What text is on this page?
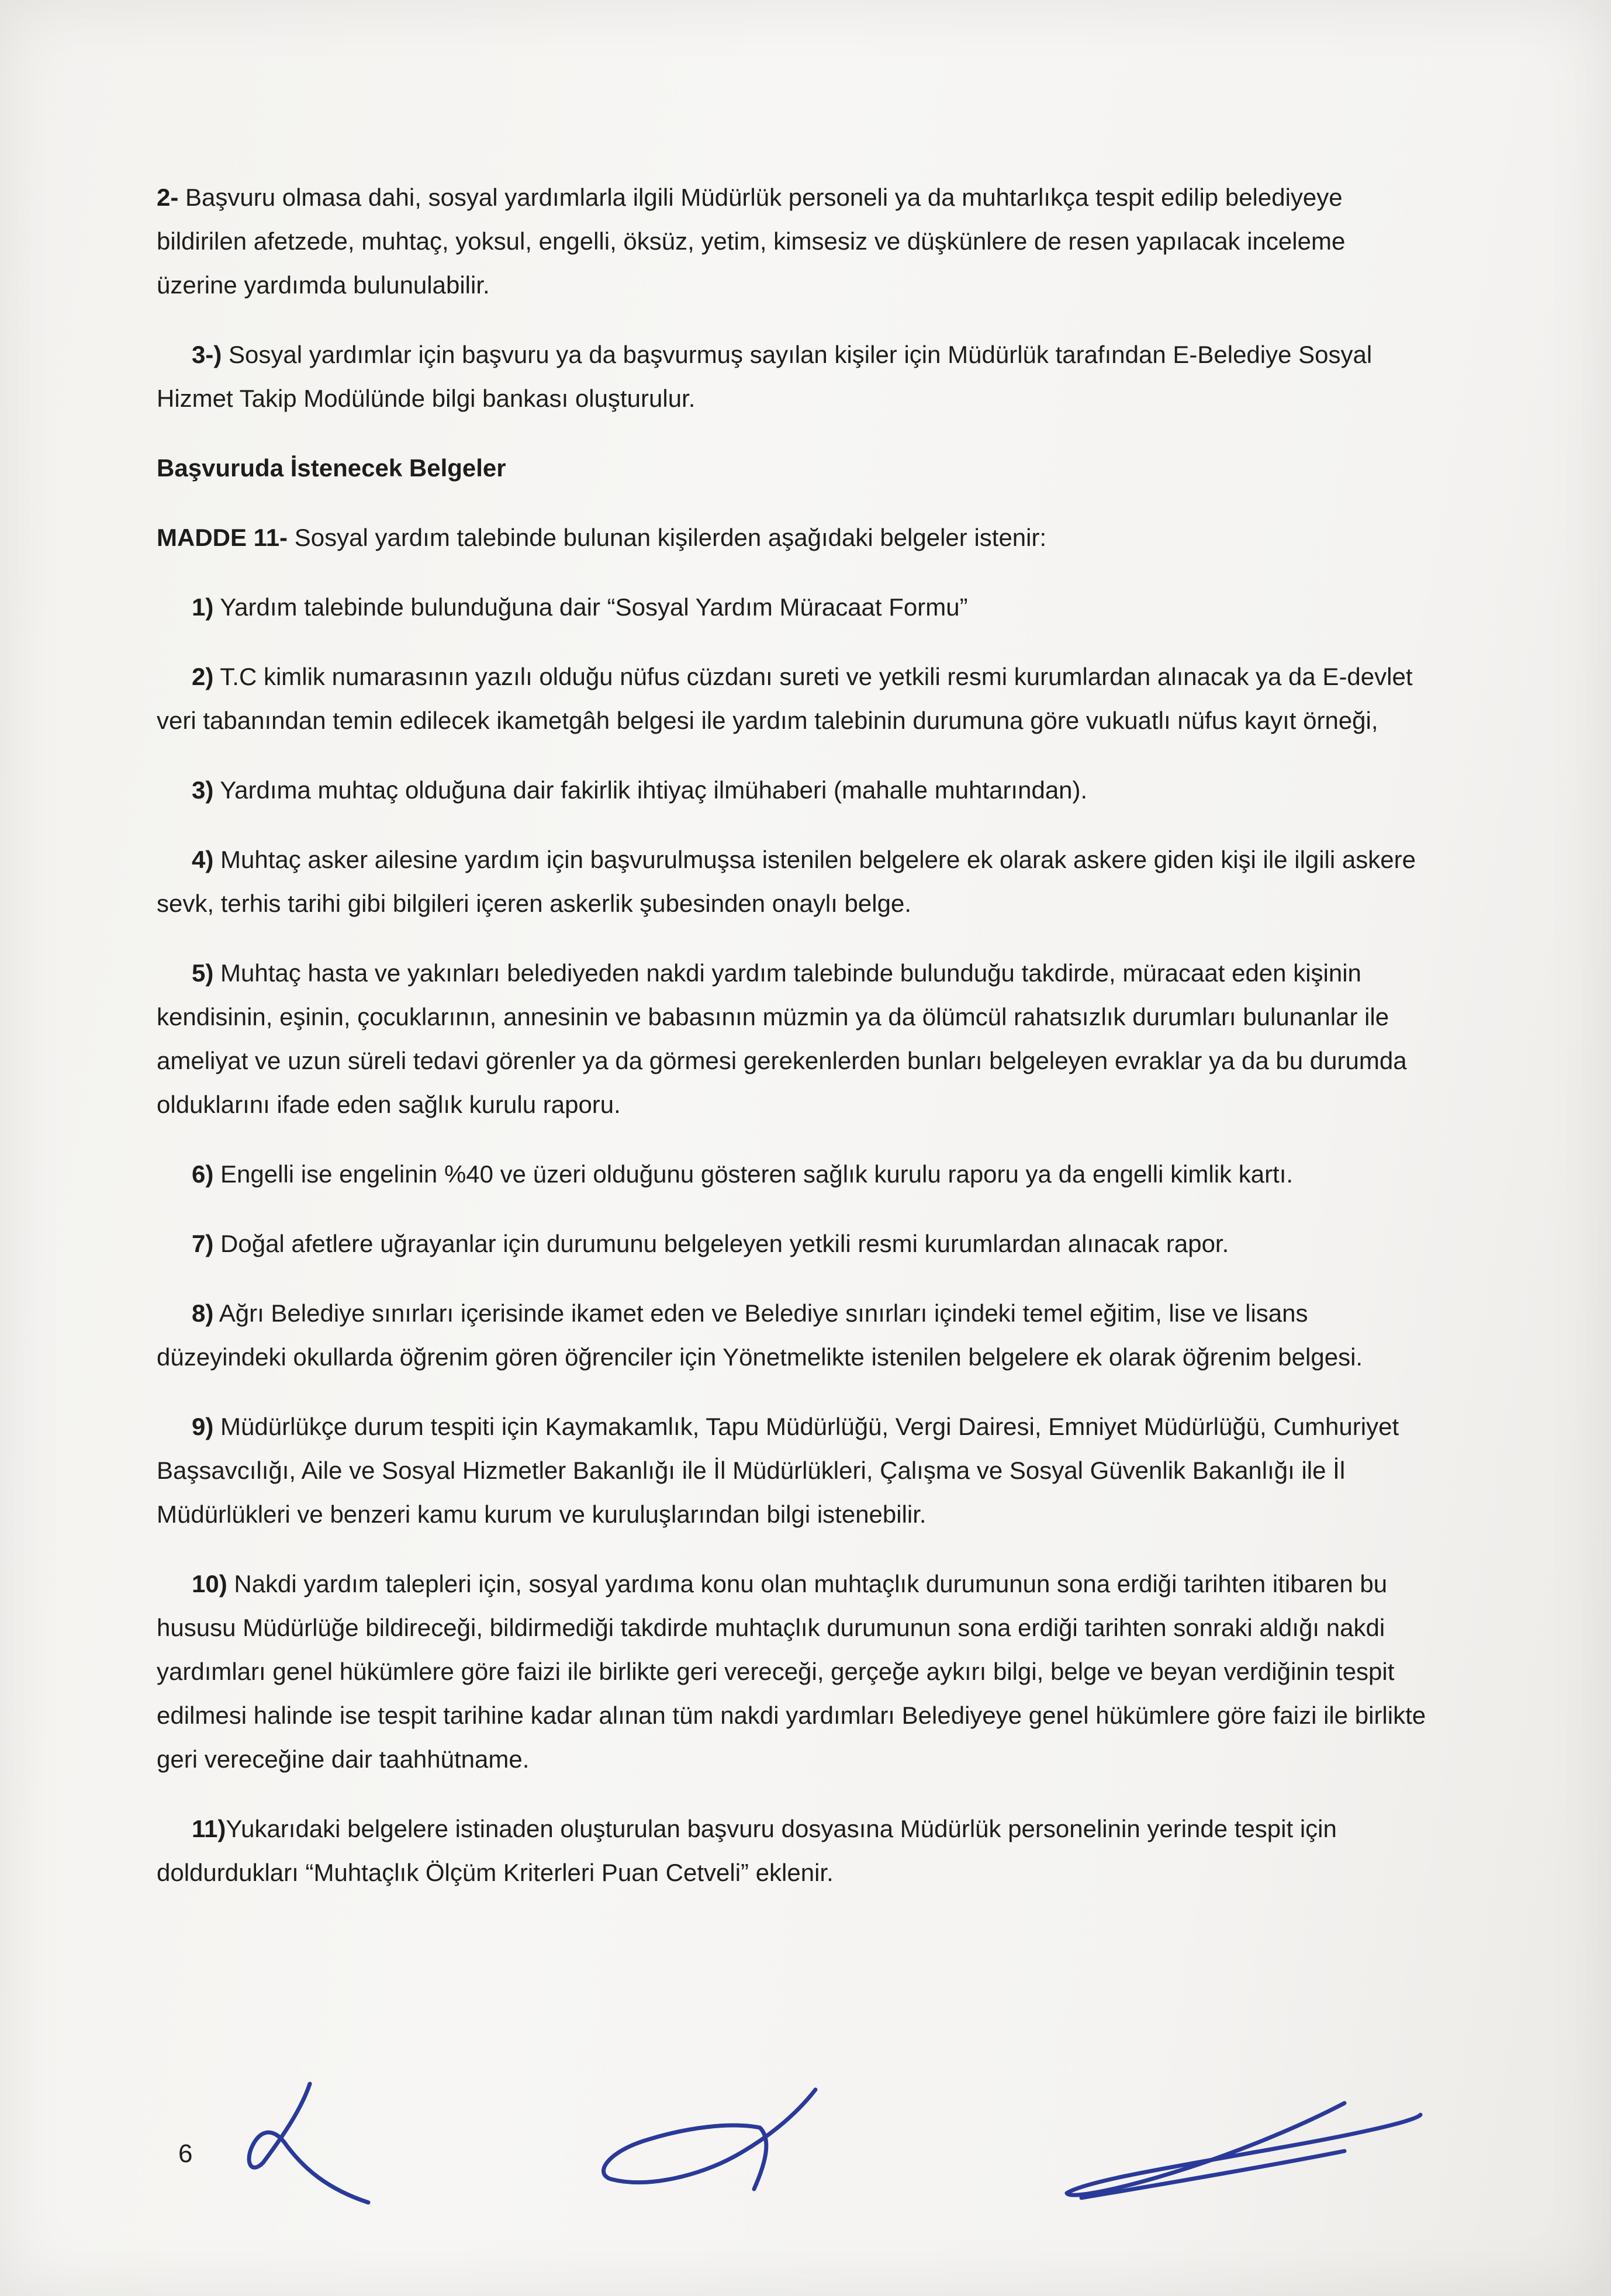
2- Başvuru olmasa dahi, sosyal yardımlarla ilgili Müdürlük personeli ya da muhtarlıkça tespit edilip belediyeye bildirilen afetzede, muhtaç, yoksul, engelli, öksüz, yetim, kimsesiz ve düşkünlere de resen yapılacak inceleme üzerine yardımda bulunulabilir.

3-) Sosyal yardımlar için başvuru ya da başvurmuş sayılan kişiler için Müdürlük tarafından E-Belediye Sosyal Hizmet Takip Modülünde bilgi bankası oluşturulur.

Başvuruda İstenecek Belgeler

MADDE 11- Sosyal yardım talebinde bulunan kişilerden aşağıdaki belgeler istenir:

1) Yardım talebinde bulunduğuna dair “Sosyal Yardım Müracaat Formu”

2) T.C kimlik numarasının yazılı olduğu nüfus cüzdanı sureti ve yetkili resmi kurumlardan alınacak ya da E-devlet veri tabanından temin edilecek ikametgâh belgesi ile yardım talebinin durumuna göre vukuatlı nüfus kayıt örneği,

3) Yardıma muhtaç olduğuna dair fakirlik ihtiyaç ilmühaberi (mahalle muhtarından).

4) Muhtaç asker ailesine yardım için başvurulmuşsa istenilen belgelere ek olarak askere giden kişi ile ilgili askere sevk, terhis tarihi gibi bilgileri içeren askerlik şubesinden onaylı belge.

5) Muhtaç hasta ve yakınları belediyeden nakdi yardım talebinde bulunduğu takdirde, müracaat eden kişinin kendisinin, eşinin, çocuklarının, annesinin ve babasının müzmin ya da ölümcül rahatsızlık durumları bulunanlar ile ameliyat ve uzun süreli tedavi görenler ya da görmesi gerekenlerden bunları belgeleyen evraklar ya da bu durumda olduklarını ifade eden sağlık kurulu raporu.

6) Engelli ise engelinin %40 ve üzeri olduğunu gösteren sağlık kurulu raporu ya da engelli kimlik kartı.

7) Doğal afetlere uğrayanlar için durumunu belgeleyen yetkili resmi kurumlardan alınacak rapor.

8) Ağrı Belediye sınırları içerisinde ikamet eden ve Belediye sınırları içindeki temel eğitim, lise ve lisans düzeyindeki okullarda öğrenim gören öğrenciler için Yönetmelikte istenilen belgelere ek olarak öğrenim belgesi.

9) Müdürlükçe durum tespiti için Kaymakamlık, Tapu Müdürlüğü, Vergi Dairesi, Emniyet Müdürlüğü, Cumhuriyet Başsavcılığı, Aile ve Sosyal Hizmetler Bakanlığı ile İl Müdürlükleri, Çalışma ve Sosyal Güvenlik Bakanlığı ile İl Müdürlükleri ve benzeri kamu kurum ve kuruluşlarından bilgi istenebilir.

10) Nakdi yardım talepleri için, sosyal yardıma konu olan muhtaçlık durumunun sona erdiği tarihten itibaren bu hususu Müdürlüğe bildireceği, bildirmediği takdirde muhtaçlık durumunun sona erdiği tarihten sonraki aldığı nakdi yardımları genel hükümlere göre faizi ile birlikte geri vereceği, gerçeğe aykırı bilgi, belge ve beyan verdiğinin tespit edilmesi halinde ise tespit tarihine kadar alınan tüm nakdi yardımları Belediyeye genel hükümlere göre faizi ile birlikte geri vereceğine dair taahhütname.

11)Yukarıdaki belgelere istinaden oluşturulan başvuru dosyasına Müdürlük personelinin yerinde tespit için doldurdukları “Muhtaçlık Ölçüm Kriterleri Puan Cetveli” eklenir.

6
